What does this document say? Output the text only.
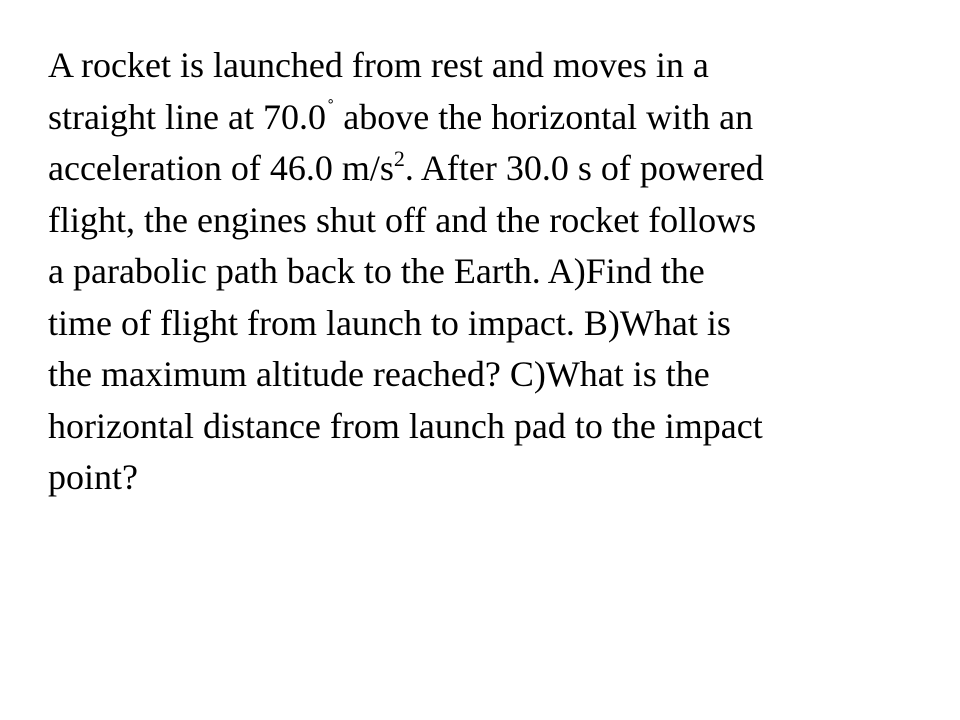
A rocket is launched from rest and moves in a
straight line at 70.0˚ above the horizontal with an
acceleration of 46.0 $m/s^2$. After 30.0 s of powered
flight, the engines shut off and the rocket follows
a parabolic path back to the Earth. A)Find the
time of flight from launch to impact. B)What is
the maximum altitude reached? C)What is the
horizontal distance from launch pad to the impact
point?
